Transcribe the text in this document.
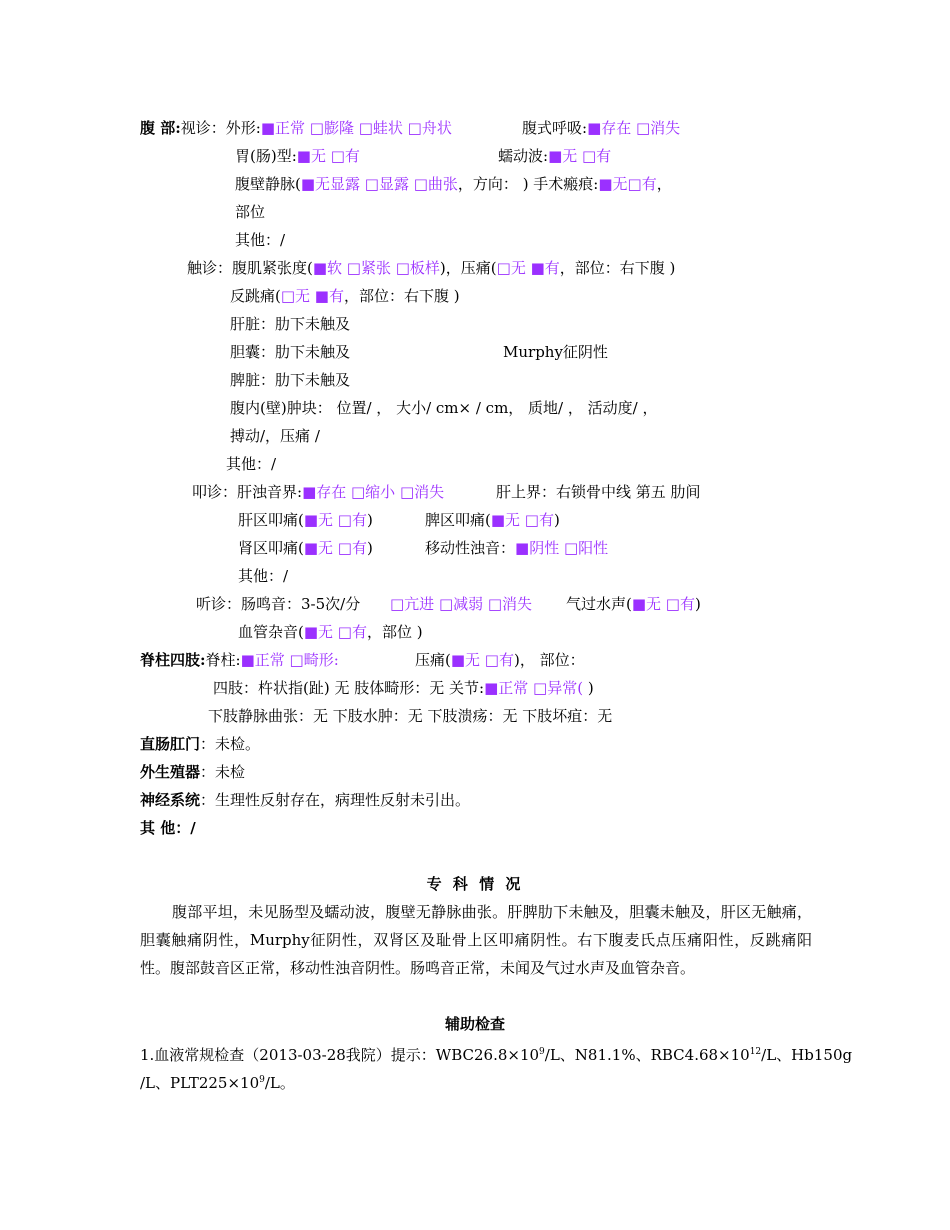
腹 部:视诊：外形:■正常 □膨隆 □蛙状 □舟状	腹式呼吸:■存在 □消失
胃(肠)型:■无 □有	蠕动波:■无 □有
腹壁静脉(■无显露 □显露 □曲张，方向： ) 手术瘢痕:■无□有，
部位
其他：/
触诊：腹肌紧张度(■软 □紧张 □板样)，压痛(□无 ■有，部位：右下腹 )
反跳痛(□无 ■有，部位：右下腹 )
肝脏：肋下未触及
胆囊：肋下未触及	Murphy征阴性
脾脏：肋下未触及
腹内(壁)肿块： 位置/ ， 大小/ cm× / cm， 质地/ ， 活动度/ ，
搏动/，压痛 /
其他：/
叩诊：肝浊音界:■存在 □缩小 □消失	肝上界：右锁骨中线 第五 肋间
肝区叩痛(■无 □有)	脾区叩痛(■无 □有)
肾区叩痛(■无 □有)	移动性浊音：■阴性 □阳性
其他：/
听诊：肠鸣音：3-5次/分 □亢进 □减弱 □消失 气过水声(■无 □有)
血管杂音(■无 □有，部位 )
脊柱四肢:脊柱:■正常 □畸形:	压痛(■无 □有)， 部位：
四肢：杵状指(趾) 无 肢体畸形：无 关节:■正常 □异常( )
下肢静脉曲张：无 下肢水肿：无 下肢溃疡：无 下肢坏疽：无
直肠肛门：未检。
外生殖器：未检
神经系统：生理性反射存在，病理性反射未引出。
其 他：/
专 科 情 况
腹部平坦，未见肠型及蠕动波，腹壁无静脉曲张。肝脾肋下未触及，胆囊未触及，肝区无触痛，胆囊触痛阴性，Murphy征阴性，双肾区及耻骨上区叩痛阴性。右下腹麦氏点压痛阳性，反跳痛阳性。腹部鼓音区正常，移动性浊音阴性。肠鸣音正常，未闻及气过水声及血管杂音。
辅助检查
1.血液常规检查（2013-03-28我院）提示：$WBC26.8\times 10^9/L$、N81.1%、$RBC4.68\times 10^{12}/L$、Hb150g
/L、$PLT225\times 10^9/L$。
